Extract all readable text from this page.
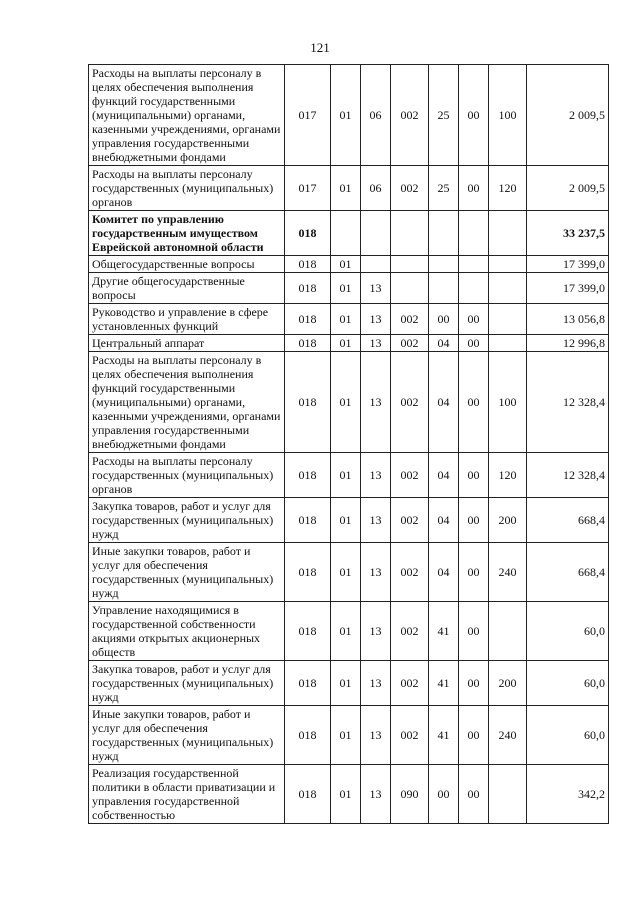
121
Расходы на выплаты персоналу в целях обеспечения выполнения функций государственными (муниципальными) органами, казенными учреждениями, органами управления государственными внебюджетными фондами	017	01	06	002	25	00	100	2 009,5
Расходы на выплаты персоналу государственных (муниципальных) органов	017	01	06	002	25	00	120	2 009,5
Комитет по управлению государственным имуществом Еврейской автономной области	018							33 237,5
Общегосударственные вопросы	018	01						17 399,0
Другие общегосударственные вопросы	018	01	13					17 399,0
Руководство и управление в сфере установленных функций	018	01	13	002	00	00		13 056,8
Центральный аппарат	018	01	13	002	04	00		12 996,8
Расходы на выплаты персоналу в целях обеспечения выполнения функций государственными (муниципальными) органами, казенными учреждениями, органами управления государственными внебюджетными фондами	018	01	13	002	04	00	100	12 328,4
Расходы на выплаты персоналу государственных (муниципальных) органов	018	01	13	002	04	00	120	12 328,4
Закупка товаров, работ и услуг для государственных (муниципальных) нужд	018	01	13	002	04	00	200	668,4
Иные закупки товаров, работ и услуг для обеспечения государственных (муниципальных) нужд	018	01	13	002	04	00	240	668,4
Управление находящимися в государственной собственности акциями открытых акционерных обществ	018	01	13	002	41	00		60,0
Закупка товаров, работ и услуг для государственных (муниципальных) нужд	018	01	13	002	41	00	200	60,0
Иные закупки товаров, работ и услуг для обеспечения государственных (муниципальных) нужд	018	01	13	002	41	00	240	60,0
Реализация государственной политики в области приватизации и управления государственной собственностью	018	01	13	090	00	00		342,2
